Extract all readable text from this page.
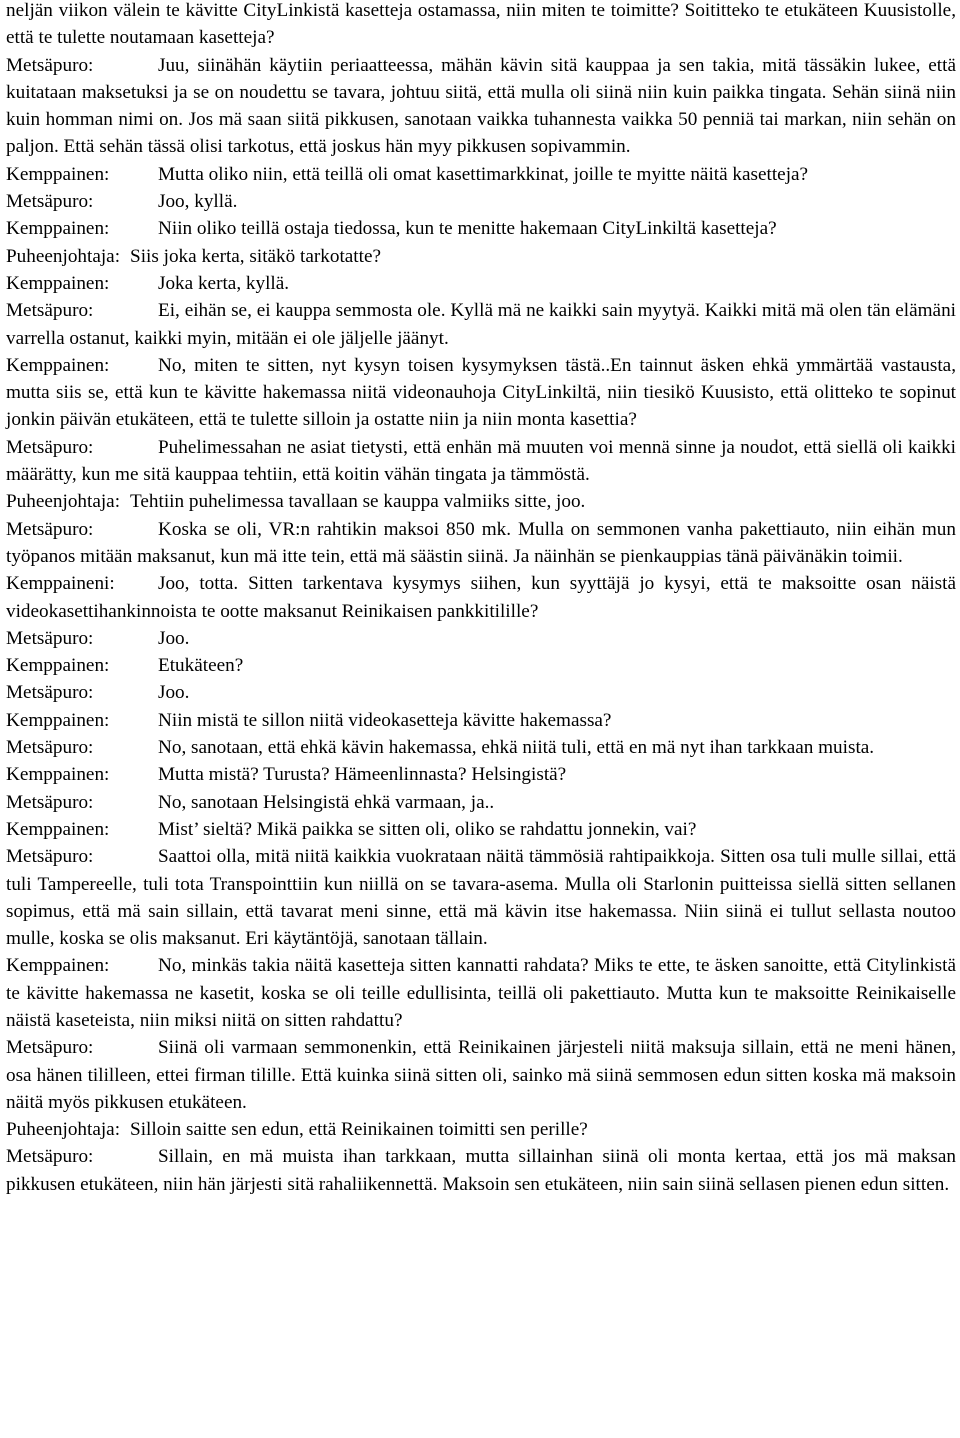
neljän viikon välein te kävitte CityLinkistä kasetteja ostamassa, niin miten te toimitte? Soititteko te etukäteen Kuusistolle, että te tulette noutamaan kasetteja?

Metsäpuro:	Juu, siinähän käytiin periaatteessa, mähän kävin sitä kauppaa ja sen takia, mitä tässäkin lukee, että kuitataan maksetuksi ja se on noudettu se tavara, johtuu siitä, että mulla oli siinä niin kuin paikka tingata. Sehän siinä niin kuin homman nimi on. Jos mä saan siitä pikkusen, sanotaan vaikka tuhannesta vaikka 50 penniä tai markan, niin sehän on paljon. Että sehän tässä olisi tarkotus, että joskus hän myy pikkusen sopivammin.

Kemppainen:	Mutta oliko niin, että teillä oli omat kasettimarkkinat, joille te myitte näitä kasetteja?

Metsäpuro:	Joo, kyllä.

Kemppainen:	Niin oliko teillä ostaja tiedossa, kun te menitte hakemaan CityLinkiltä kasetteja?

Puheenjohtaja: Siis joka kerta, sitäkö tarkotatte?

Kemppainen:	Joka kerta, kyllä.

Metsäpuro:	Ei, eihän se, ei kauppa semmosta ole. Kyllä mä ne kaikki sain myytyä. Kaikki mitä mä olen tän elämäni varrella ostanut, kaikki myin, mitään ei ole jäljelle jäänyt.

Kemppainen:	No, miten te sitten, nyt kysyn toisen kysymyksen tästä..En tainnut äsken ehkä ymmärtää vastausta, mutta siis se, että kun te kävitte hakemassa niitä videonauhoja CityLinkiltä, niin tiesikö Kuusisto, että olitteko te sopinut jonkin päivän etukäteen, että te tulette silloin ja ostatte niin ja niin monta kasettia?

Metsäpuro:	Puhelimessahan ne asiat tietysti, että enhän mä muuten voi mennä sinne ja noudot, että siellä oli kaikki määrätty, kun me sitä kauppaa tehtiin, että koitin vähän tingata ja tämmöstä.

Puheenjohtaja: Tehtiin puhelimessa tavallaan se kauppa valmiiks sitte, joo.

Metsäpuro:	Koska se oli, VR:n rahtikin maksoi 850 mk. Mulla on semmonen vanha pakettiauto, niin eihän mun työpanos mitään maksanut, kun mä itte tein, että mä säästin siinä. Ja näinhän se pienkauppias tänä päivänäkin toimii.

Kemppaineni: Joo, totta. Sitten tarkentava kysymys siihen, kun syyttäjä jo kysyi, että te maksoitte osan näistä videokasettihankinnoista te ootte maksanut Reinikaisen pankkitilille?

Metsäpuro:	Joo.

Kemppainen:	Etukäteen?

Metsäpuro:	Joo.

Kemppainen:	Niin mistä te sillon niitä videokasetteja kävitte hakemassa?

Metsäpuro:	No, sanotaan, että ehkä kävin hakemassa, ehkä niitä tuli, että en mä nyt ihan tarkkaan muista.

Kemppainen:	Mutta mistä? Turusta? Hämeenlinnasta? Helsingistä?

Metsäpuro:	No, sanotaan Helsingistä ehkä varmaan, ja..

Kemppainen:	Mist’ sieltä? Mikä paikka se sitten oli, oliko se rahdattu jonnekin, vai?

Metsäpuro:	Saattoi olla, mitä niitä kaikkia vuokrataan näitä tämmösiä rahtipaikkoja. Sitten osa tuli mulle sillai, että tuli Tampereelle, tuli tota Transpointtiin kun niillä on se tavara-asema. Mulla oli Starlonin puitteissa siellä sitten sellanen sopimus, että mä sain sillain, että tavarat meni sinne, että mä kävin itse hakemassa. Niin siinä ei tullut sellasta noutoo mulle, koska se olis maksanut. Eri käytäntöjä, sanotaan tällain.

Kemppainen:	No, minkäs takia näitä kasetteja sitten kannatti rahdata? Miks te ette, te äsken sanoitte, että Citylinkistä te kävitte hakemassa ne kasetit, koska se oli teille edullisinta, teillä oli pakettiauto. Mutta kun te maksoitte Reinikaiselle näistä kaseteista, niin miksi niitä on sitten rahdattu?

Metsäpuro:	Siinä oli varmaan semmonenkin, että Reinikainen järjesteli niitä maksuja sillain, että ne meni hänen, osa hänen tililleen, ettei firman tilille. Että kuinka siinä sitten oli, sainko mä siinä semmosen edun sitten koska mä maksoin näitä myös pikkusen etukäteen.

Puheenjohtaja: Silloin saitte sen edun, että Reinikainen toimitti sen perille?

Metsäpuro:	Sillain, en mä muista ihan tarkkaan, mutta sillainhan siinä oli monta kertaa, että jos mä maksan pikkusen etukäteen, niin hän järjesti sitä rahaliikennettä. Maksoin sen etukäteen, niin sain siinä sellasen pienen edun sitten.
